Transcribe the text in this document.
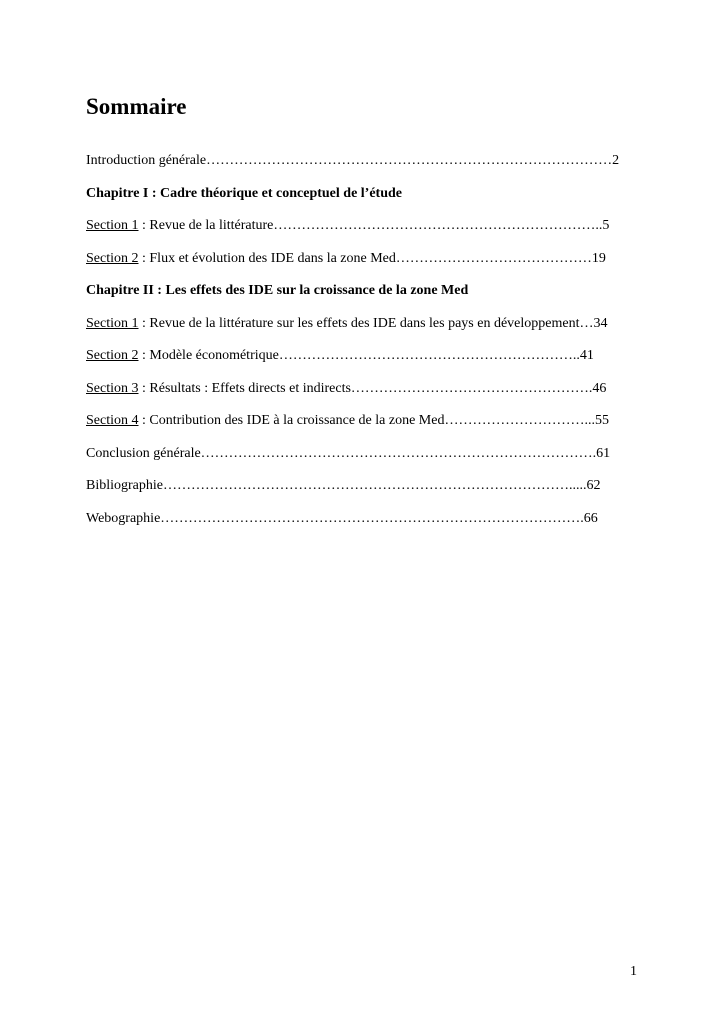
Sommaire
Introduction générale……………………………………………………………………………2
Chapitre I : Cadre théorique et conceptuel de l’étude
Section 1 : Revue de la littérature……………………………………………………………..5
Section 2 : Flux et évolution des IDE dans la zone Med……………………………………19
Chapitre II : Les effets des IDE sur la croissance de la zone Med
Section 1 : Revue de la littérature sur les effets des IDE dans les pays en développement…34
Section 2 : Modèle économétrique………………………………………………………..41
Section 3 : Résultats : Effets directs et indirects…………………………………………….46
Section 4 : Contribution des IDE à la croissance de la zone Med…………………………...55
Conclusion générale………………………………………………………………………….61
Bibliographie…………………………………………………………………………….....62
Webographie……………………………………………………………………………….66
1
